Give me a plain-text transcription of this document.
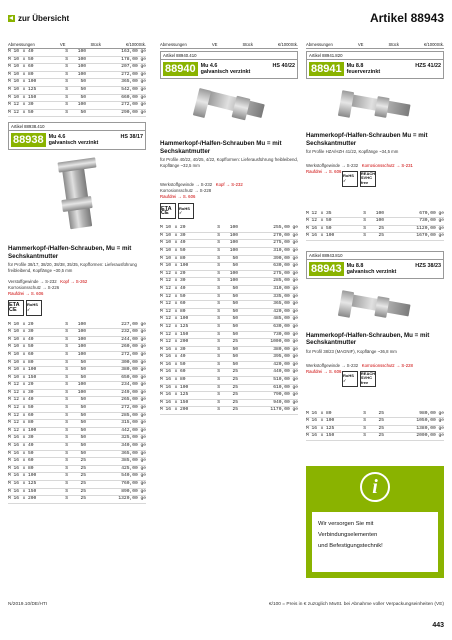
zur Übersicht	Artikel 88943
Abmessungen	VE	Stück	€/1000Stk.
M 10 x 40	S	100	163,00 ge
M 10 x 50	S	100	178,00 ge
M 10 x 60	S	100	207,00 ge
M 10 x 80	S	100	272,00 ge
M 10 x 100	S	50	365,00 ge
M 10 x 125	S	50	542,00 ge
M 10 x 150	S	50	660,00 ge
M 12 x 30	S	100	272,00 ge
M 12 x 50	S	50	290,00 ge
Artikel 88938.410
88938 Mu 4.6	HS 38/17

galvanisch verzinkt
Hammerkopf-/Halfen-Schrauben, Mu = mit Sechskantmutter
für Profile 38/17, 38/20, 38/38, 35/35, Kopfformen: Lieferausführung freibleibend, Kopflänge ~30,5 mm
Verstoffgewinde → S-232 Kopf → S-262
Korrosionsschutz → S-226
Raufdrei → S. 606
ETA CE
RoHS ✓
M 10 x 20	S	100	227,00 ge
M 10 x 30	S	100	232,00 ge
M 10 x 40	S	100	244,00 ge
M 10 x 50	S	100	260,00 ge
M 10 x 60	S	100	272,00 ge
M 10 x 80	S	50	300,00 ge
M 10 x 100	S	50	380,00 ge
M 10 x 150	S	50	650,00 ge
M 12 x 20	S	100	234,00 ge
M 12 x 30	S	100	249,00 ge
M 12 x 40	S	50	265,00 ge
M 12 x 50	S	50	272,00 ge
M 12 x 60	S	50	285,00 ge
M 12 x 80	S	50	315,00 ge
M 12 x 100	S	50	442,00 ge
M 16 x 30	S	50	325,00 ge
M 16 x 40	S	50	340,00 ge
M 16 x 50	S	50	365,00 ge
M 16 x 60	S	25	385,00 ge
M 16 x 80	S	25	425,00 ge
M 16 x 100	S	25	540,00 ge
M 16 x 125	S	25	760,00 ge
M 16 x 150	S	25	890,00 ge
M 16 x 200	S	25	1320,00 ge
Abmessungen	VE	Stück	€/1000Stk.
Artikel 88940.410
88940 Mu 4.6	HS 40/22

galvanisch verzinkt
Hammerkopf-/Halfen-Schrauben Mu = mit Sechskantmutter
für Profile 40/22, 40/25, 4/22, Kopfformen: Lieferausführung freibleibend, Kopflänge ~32,5 mm
Werkstoffgewinde → S-232 Kopf → S-232
Korrosionsschutz → S-228
Raufdrei → S. 606
ETA CE
RoHS ✓
M 10 x 20	S	100	255,00 ge
M 10 x 30	S	100	270,00 ge
M 10 x 40	S	100	275,00 ge
M 10 x 50	S	100	310,00 ge
M 10 x 80	S	50	390,00 ge
M 10 x 100	S	50	630,00 ge
M 12 x 20	S	100	275,00 ge
M 12 x 30	S	100	285,00 ge
M 12 x 40	S	50	310,00 ge
M 12 x 50	S	50	335,00 ge
M 12 x 60	S	50	365,00 ge
M 12 x 80	S	50	420,00 ge
M 12 x 100	S	50	485,00 ge
M 12 x 125	S	50	630,00 ge
M 12 x 150	S	50	730,00 ge
M 12 x 200	S	25	1000,00 ge
M 16 x 30	S	50	380,00 ge
M 16 x 40	S	50	395,00 ge
M 16 x 50	S	50	420,00 ge
M 16 x 60	S	25	440,00 ge
M 16 x 80	S	25	510,00 ge
M 16 x 100	S	25	610,00 ge
M 16 x 125	S	25	790,00 ge
M 16 x 150	S	25	940,00 ge
M 16 x 200	S	25	1170,00 ge
Abmessungen	VE	Stück	€/1000Stk.
Artikel 88941.820
88941 Mu 8.8	HZS 41/22

feuerverzinkt
Hammerkopf-/Halfen-Schrauben Mu = mit Sechskantmutter
für Profile HZA/HZH 41/22, Kopflänge ~34,5 mm
Werkstoffgewinde → S-232 Korrosionsschutz → S-231
Raufdrei → S. 606
RoHS ✓
REACH SVHC free
M 12 x 35	S	100	670,00 ge
M 12 x 50	S	100	730,00 ge
M 16 x 50	S	25	1120,00 ge
M 16 x 100	S	25	1670,00 ge
Artikel 88943.810
88943 Mu 8.8	HZS 38/23

galvanisch verzinkt
Hammerkopf-/Halfen-Schrauben, Mu = mit Sechskantmutter
für Profil 38/23 (MAGNIF), Kopflänge ~36,8 mm
Werkstoffgewinde → S-232 Korrosionsschutz → S-228
Raufdrei → S. 606
RoHS ✓
REACH SVHC free
M 16 x 80	S	25	980,00 ge
M 16 x 100	S	25	1050,00 ge
M 16 x 125	S	25	1380,00 ge
M 16 x 150	S	25	2000,00 ge
i
Wir versorgen Sie mit
Verbindungselementen
und Befestigungstechnik!
N/2019.10/DE/HTI	€/100 = Preis in € zuzüglich MwSt. bei Abnahme voller Verpackungseinheiten (VE)
443
